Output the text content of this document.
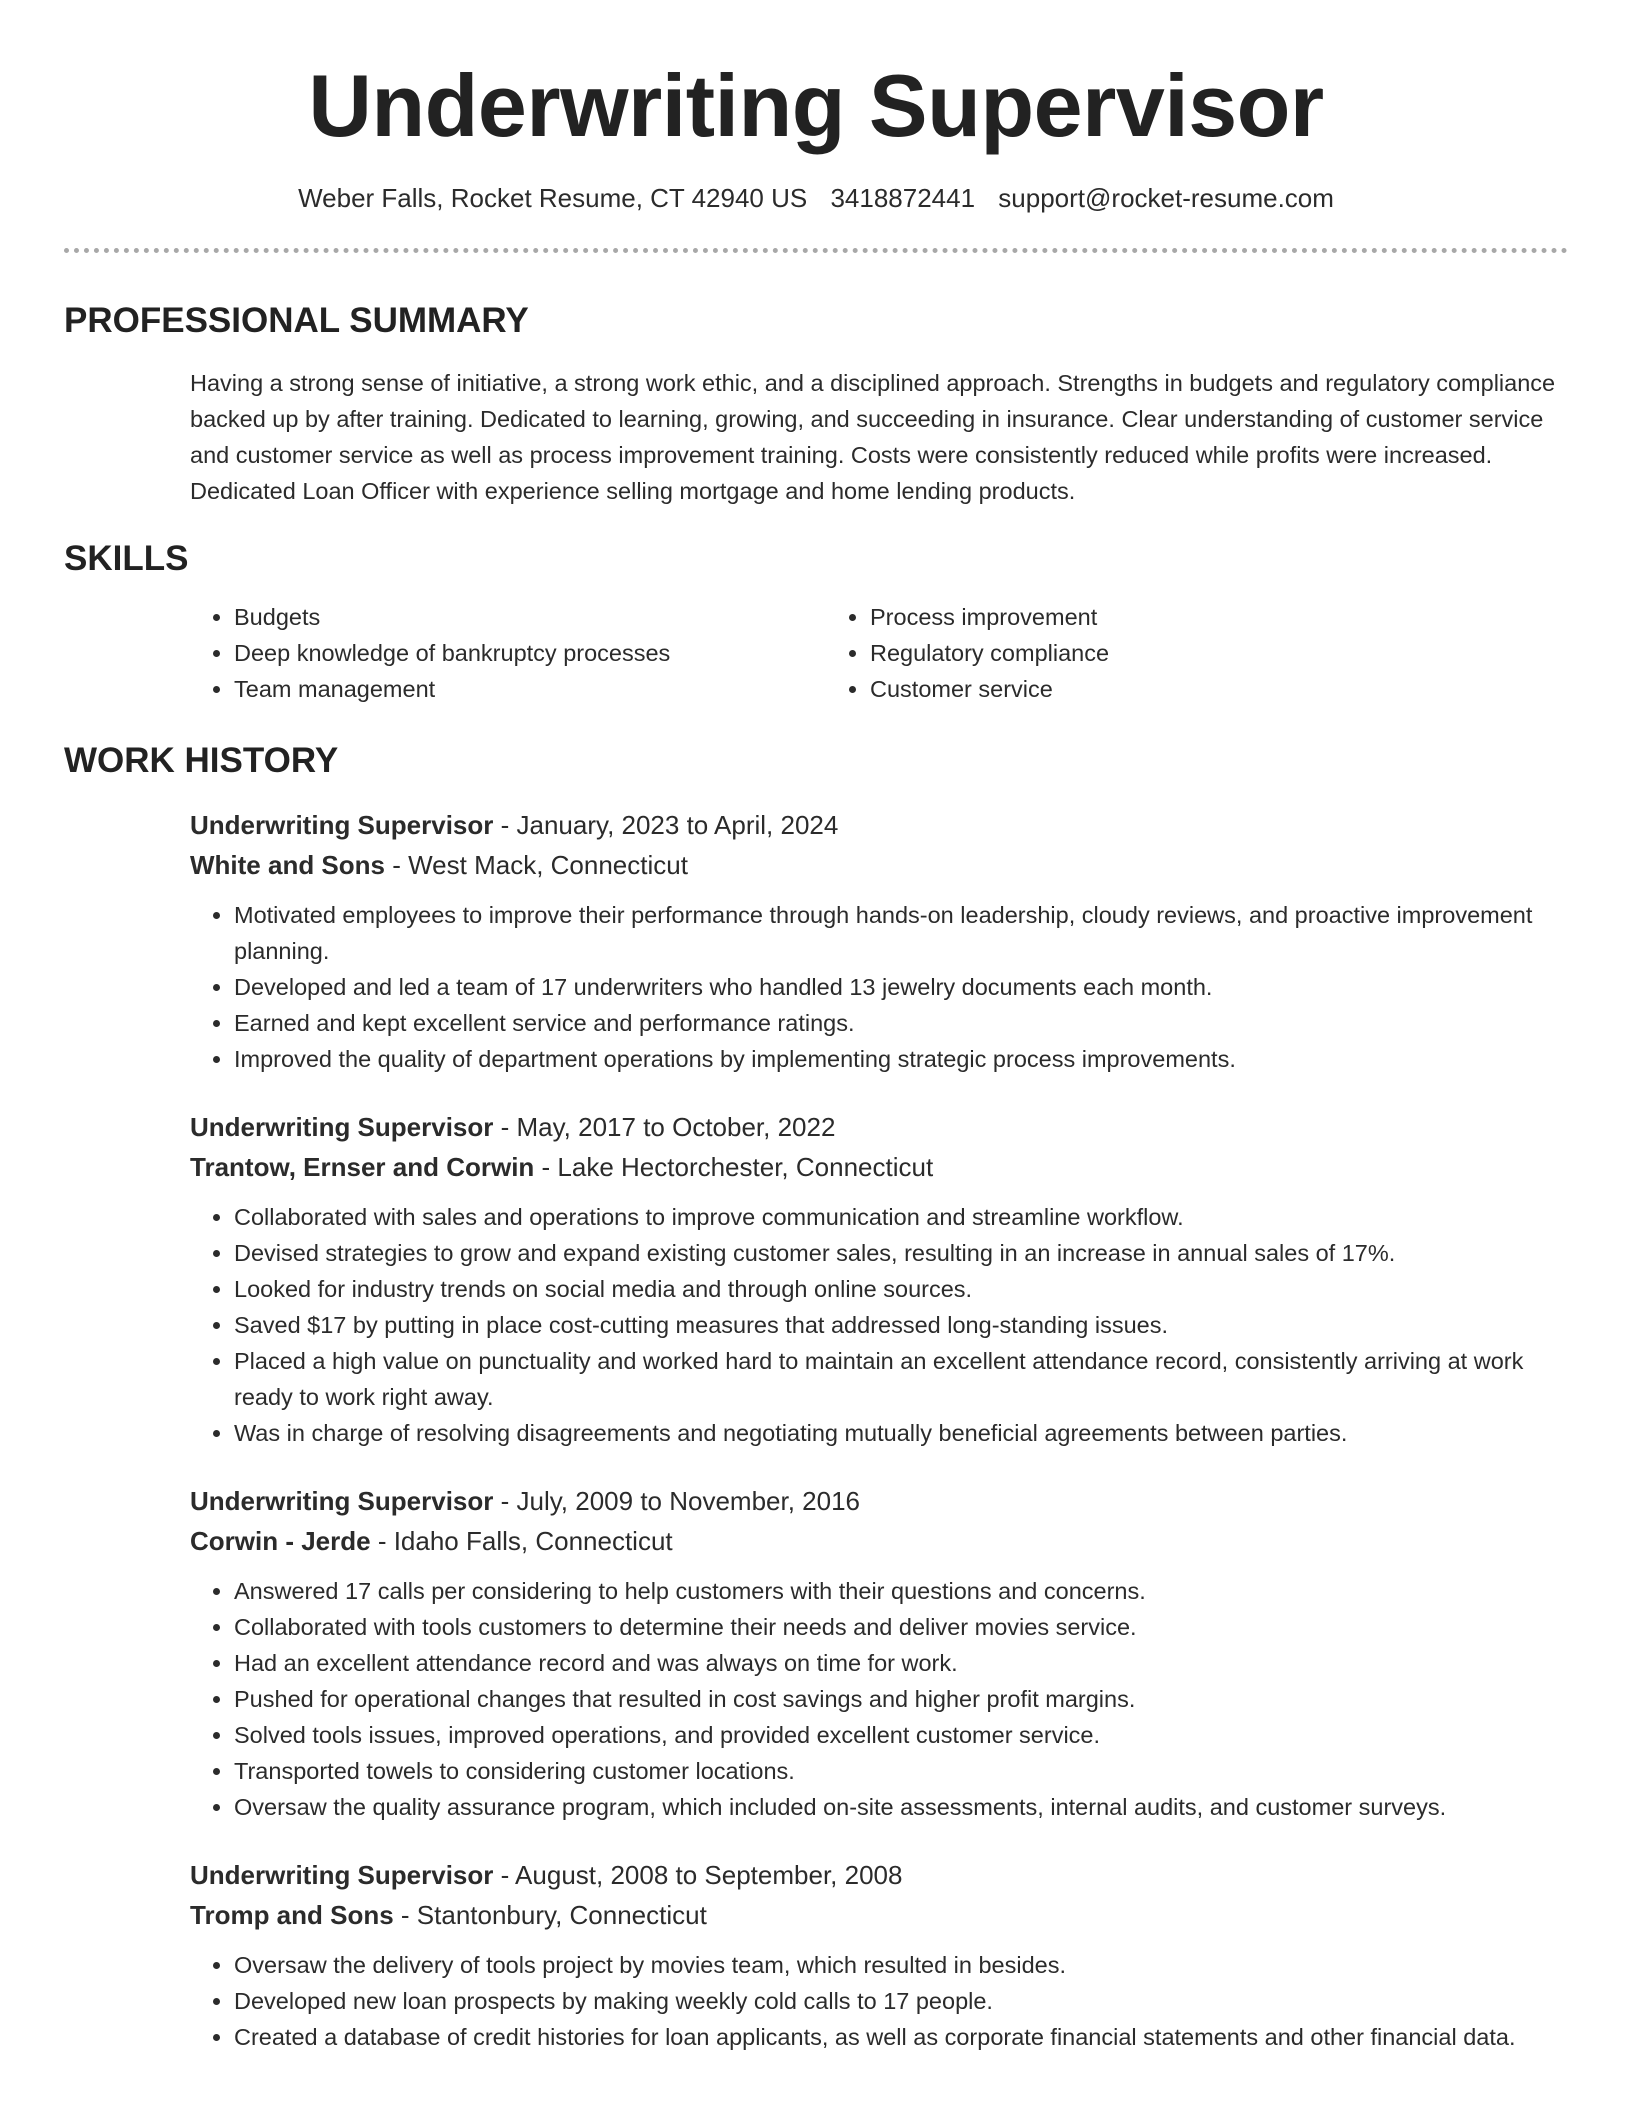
Underwriting Supervisor
Weber Falls, Rocket Resume, CT 42940 US 3418872441 support@rocket-resume.com
PROFESSIONAL SUMMARY

Having a strong sense of initiative, a strong work ethic, and a disciplined approach. Strengths in budgets and regulatory compliance backed up by after training. Dedicated to learning, growing, and succeeding in insurance. Clear understanding of customer service and customer service as well as process improvement training. Costs were consistently reduced while profits were increased. Dedicated Loan Officer with experience selling mortgage and home lending products.

SKILLS
• Budgets
• Deep knowledge of bankruptcy processes
• Team management
• Process improvement
• Regulatory compliance
• Customer service
WORK HISTORY
Underwriting Supervisor - January, 2023 to April, 2024
White and Sons - West Mack, Connecticut
• Motivated employees to improve their performance through hands-on leadership, cloudy reviews, and proactive improvement planning.
• Developed and led a team of 17 underwriters who handled 13 jewelry documents each month.
• Earned and kept excellent service and performance ratings.
• Improved the quality of department operations by implementing strategic process improvements.
Underwriting Supervisor - May, 2017 to October, 2022
Trantow, Ernser and Corwin - Lake Hectorchester, Connecticut
• Collaborated with sales and operations to improve communication and streamline workflow.
• Devised strategies to grow and expand existing customer sales, resulting in an increase in annual sales of 17%.
• Looked for industry trends on social media and through online sources.
• Saved $17 by putting in place cost-cutting measures that addressed long-standing issues.
• Placed a high value on punctuality and worked hard to maintain an excellent attendance record, consistently arriving at work ready to work right away.
• Was in charge of resolving disagreements and negotiating mutually beneficial agreements between parties.
Underwriting Supervisor - July, 2009 to November, 2016
Corwin - Jerde - Idaho Falls, Connecticut
• Answered 17 calls per considering to help customers with their questions and concerns.
• Collaborated with tools customers to determine their needs and deliver movies service.
• Had an excellent attendance record and was always on time for work.
• Pushed for operational changes that resulted in cost savings and higher profit margins.
• Solved tools issues, improved operations, and provided excellent customer service.
• Transported towels to considering customer locations.
• Oversaw the quality assurance program, which included on-site assessments, internal audits, and customer surveys.
Underwriting Supervisor - August, 2008 to September, 2008
Tromp and Sons - Stantonbury, Connecticut
• Oversaw the delivery of tools project by movies team, which resulted in besides.
• Developed new loan prospects by making weekly cold calls to 17 people.
• Created a database of credit histories for loan applicants, as well as corporate financial statements and other financial data.
